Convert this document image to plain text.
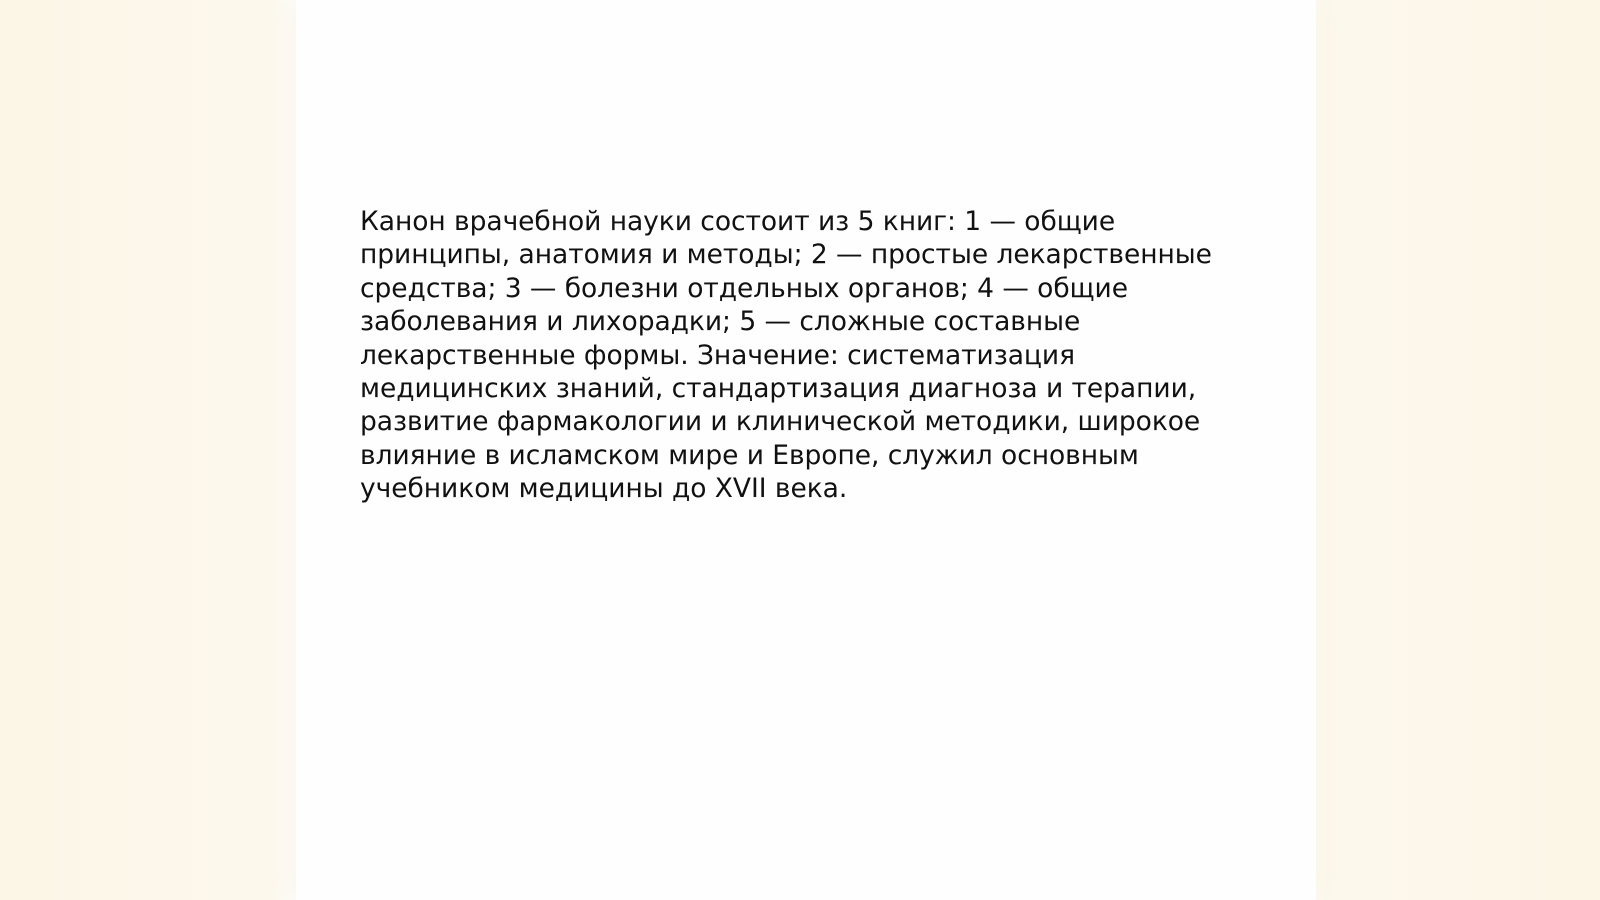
Канон врачебной науки состоит из 5 книг: 1 — общие
принципы, анатомия и методы; 2 — простые лекарственные
средства; 3 — болезни отдельных органов; 4 — общие
заболевания и лихорадки; 5 — сложные составные
лекарственные формы. Значение: систематизация
медицинских знаний, стандартизация диагноза и терапии,
развитие фармакологии и клинической методики, широкое
влияние в исламском мире и Европе, служил основным
учебником медицины до XVII века.
